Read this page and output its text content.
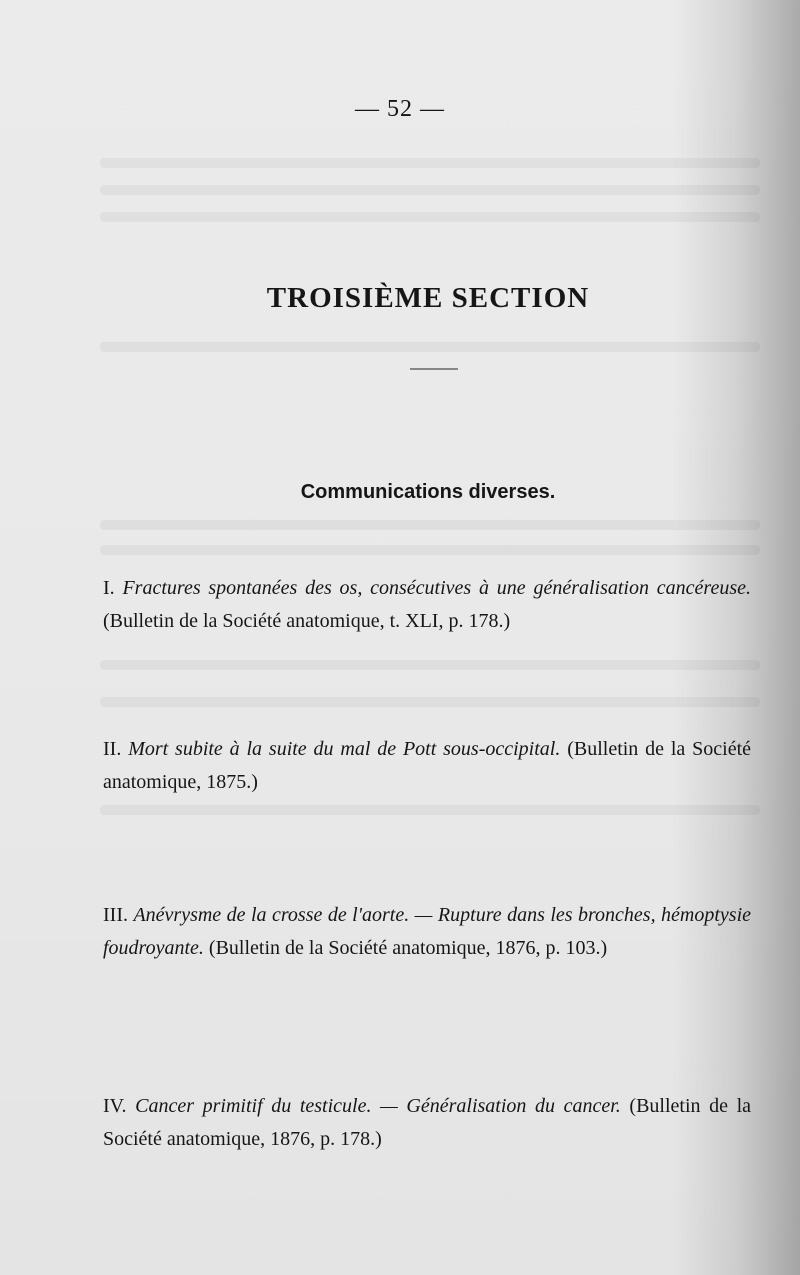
— 52 —
TROISIÈME SECTION
Communications diverses.
I. Fractures spontanées des os, consécutives à une généralisation cancéreuse. (Bulletin de la Société anatomique, t. XLI, p. 178.)
II. Mort subite à la suite du mal de Pott sous-occipital. (Bulletin de la Société anatomique, 1875.)
III. Anévrysme de la crosse de l'aorte. — Rupture dans les bronches, hémoptysie foudroyante. (Bulletin de la Société anatomique, 1876, p. 103.)
IV. Cancer primitif du testicule. — Généralisation du cancer. (Bulletin de la Société anatomique, 1876, p. 178.)
